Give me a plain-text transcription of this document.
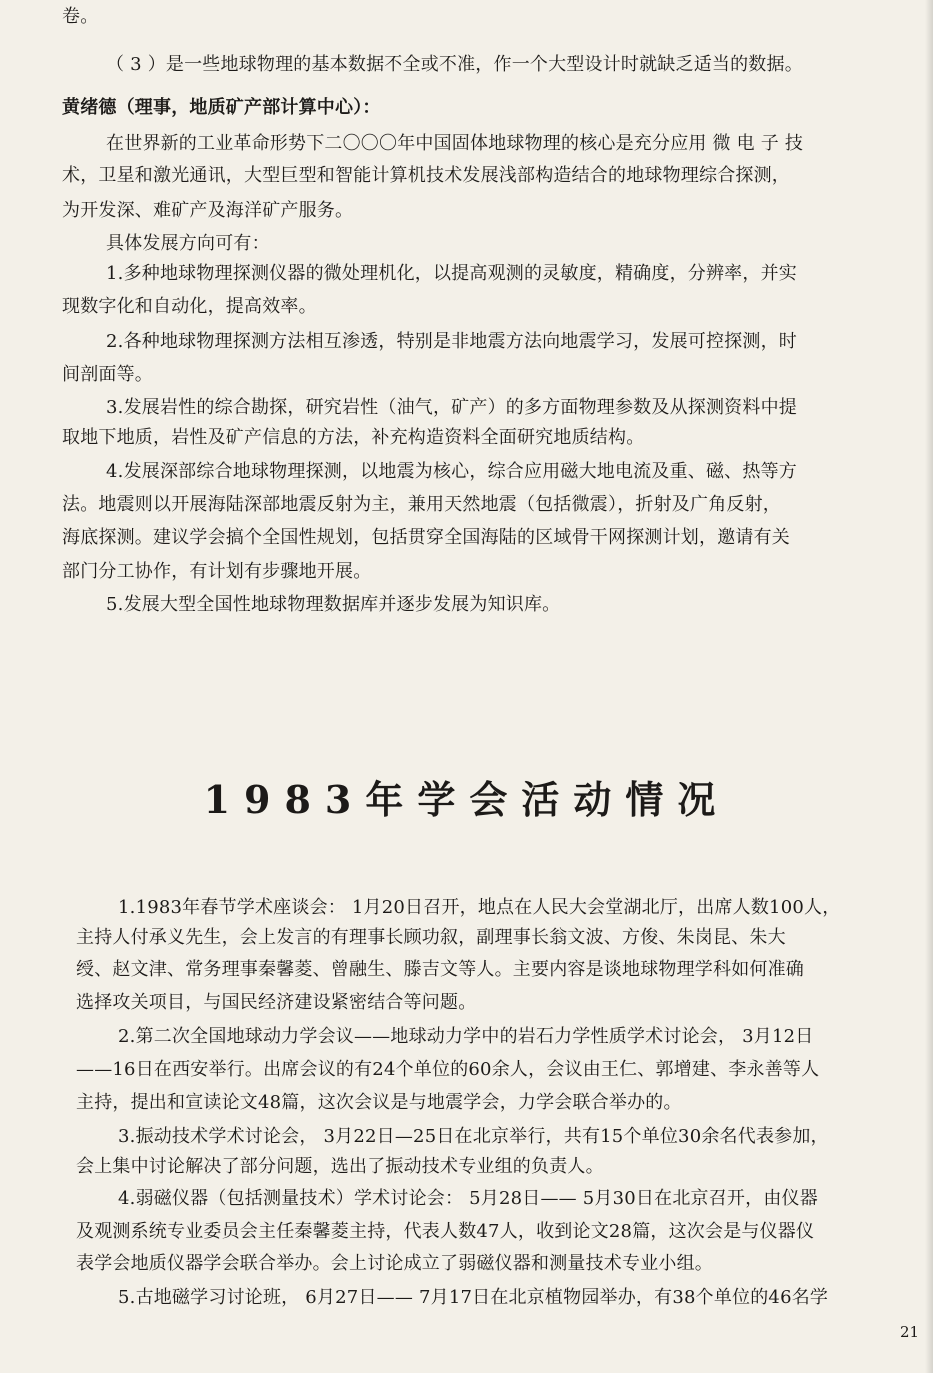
卷。
（ 3 ）是一些地球物理的基本数据不全或不准，作一个大型设计时就缺乏适当的数据。
黄绪德（理事，地质矿产部计算中心）：
在世界新的工业革命形势下二〇〇〇年中国固体地球物理的核心是充分应用 微 电 子 技
术，卫星和激光通讯，大型巨型和智能计算机技术发展浅部构造结合的地球物理综合探测，
为开发深、难矿产及海洋矿产服务。
具体发展方向可有：
1.多种地球物理探测仪器的微处理机化，以提高观测的灵敏度，精确度，分辨率，并实
现数字化和自动化，提高效率。
2.各种地球物理探测方法相互渗透，特别是非地震方法向地震学习，发展可控探测，时
间剖面等。
3.发展岩性的综合勘探，研究岩性（油气，矿产）的多方面物理参数及从探测资料中提
取地下地质，岩性及矿产信息的方法，补充构造资料全面研究地质结构。
4.发展深部综合地球物理探测，以地震为核心，综合应用磁大地电流及重、磁、热等方
法。地震则以开展海陆深部地震反射为主，兼用天然地震（包括微震），折射及广角反射，
海底探测。建议学会搞个全国性规划，包括贯穿全国海陆的区域骨干网探测计划，邀请有关
部门分工协作，有计划有步骤地开展。
5.发展大型全国性地球物理数据库并逐步发展为知识库。
1983年学会活动情况
1.1983年春节学术座谈会： 1月20日召开，地点在人民大会堂湖北厅，出席人数100人，
主持人付承义先生，会上发言的有理事长顾功叙，副理事长翁文波、方俊、朱岗昆、朱大
绶、赵文津、常务理事秦馨菱、曾融生、滕吉文等人。主要内容是谈地球物理学科如何准确
选择攻关项目，与国民经济建设紧密结合等问题。
2.第二次全国地球动力学会议——地球动力学中的岩石力学性质学术讨论会， 3月12日
——16日在西安举行。出席会议的有24个单位的60余人，会议由王仁、郭增建、李永善等人
主持，提出和宣读论文48篇，这次会议是与地震学会，力学会联合举办的。
3.振动技术学术讨论会， 3月22日—25日在北京举行，共有15个单位30余名代表参加，
会上集中讨论解决了部分问题，选出了振动技术专业组的负责人。
4.弱磁仪器（包括测量技术）学术讨论会： 5月28日—— 5月30日在北京召开，由仪器
及观测系统专业委员会主任秦馨菱主持，代表人数47人，收到论文28篇，这次会是与仪器仪
表学会地质仪器学会联合举办。会上讨论成立了弱磁仪器和测量技术专业小组。
5.古地磁学习讨论班， 6月27日—— 7月17日在北京植物园举办，有38个单位的46名学
21
